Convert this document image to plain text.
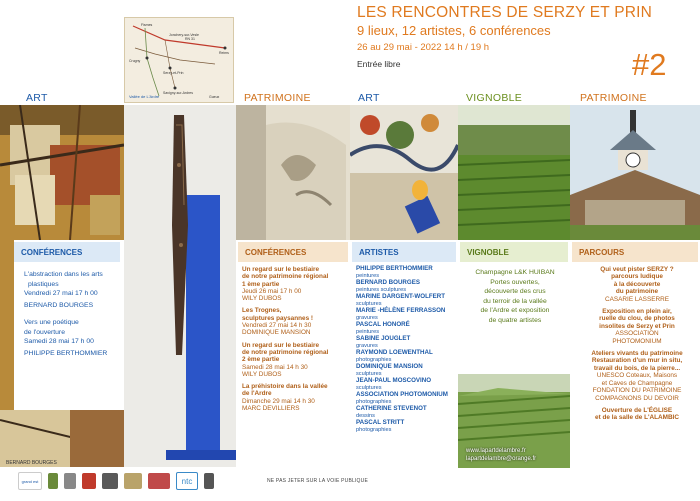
LES RENCONTRES DE SERZY ET PRIN
9 lieux, 12 artistes, 6 conférences
26 au 29 mai - 2022 14 h / 19 h
Entrée libre	#2
Fismes
Jonchery-sur-Vesle
RN 31
Reims
Crugny
Serzy-et-Prin
Savigny-sur-Ardres
Vallée de L'Ardre	Gueux
ART	PATRIMOINE	ART	VIGNOBLE	PATRIMOINE
CONFÉRENCES	CONFÉRENCES	ARTISTES	VIGNOBLE	PARCOURS
BERNARD BOURGES
L'abstraction dans les arts
plastiques
Vendredi 27 mai 17 h 00
BERNARD BOURGES
Vers une poétique
de l'ouverture
Samedi 28 mai 17 h 00
PHILIPPE BERTHOMMIER
Un regard sur le bestiaire
de notre patrimoine régional
1 ème partie
Jeudi 26 mai 17 h 00
WILY DUBOS
Les Trognes,
sculptures paysannes !
Vendredi 27 mai 14 h 30
DOMINIQUE MANSION
Un regard sur le bestiaire
de notre patrimoine régional
2 ème partie
Samedi 28 mai 14 h 30
WILY DUBOS
La préhistoire dans la vallée
de l'Ardre
Dimanche 29 mai 14 h 30
MARC DEVILLIERS
PHILIPPE BERTHOMMIER
peintures
BERNARD BOURGES
peintures sculptures
MARINE DARGENT-WOLFERT
sculptures
MARIE -HÉLÈNE FERRASSON
gravures
PASCAL HONORÉ
peintures
SABINE JOUGLET
gravures
RAYMOND LOEWENTHAL
photographies
DOMINIQUE MANSION
sculptures
JEAN-PAUL MOSCOVINO
sculptures
ASSOCIATION PHOTOMONIUM
photographies
CATHERINE STEVENOT
dessins
PASCAL STRITT
photographies
Champagne L&K HUIBAN
Portes ouvertes,
découverte des crus
du terroir de la vallée
de l'Ardre et exposition
de quatre artistes
www.lapartdelambre.fr
lapartdelambre@orange.fr
Qui veut pister SERZY ?
parcours ludique
à la découverte
du patrimoine
CASARIE LASSERRE
Exposition en plein air,
ruelle du clou, de photos
insolites de Serzy et Prin
ASSOCIATION
PHOTOMONIUM
Ateliers vivants du patrimoine
Restauration d'un mur in situ,
travail du bois, de la pierre...
UNESCO Coteaux, Maisons
et Caves de Champagne
FONDATION DU PATRIMOINE
COMPAGNONS DU DEVOIR
Ouverture de L'ÉGLISE
et de la salle de L'ALAMBIC
grand est	ntc	NE PAS JETER SUR LA VOIE PUBLIQUE
